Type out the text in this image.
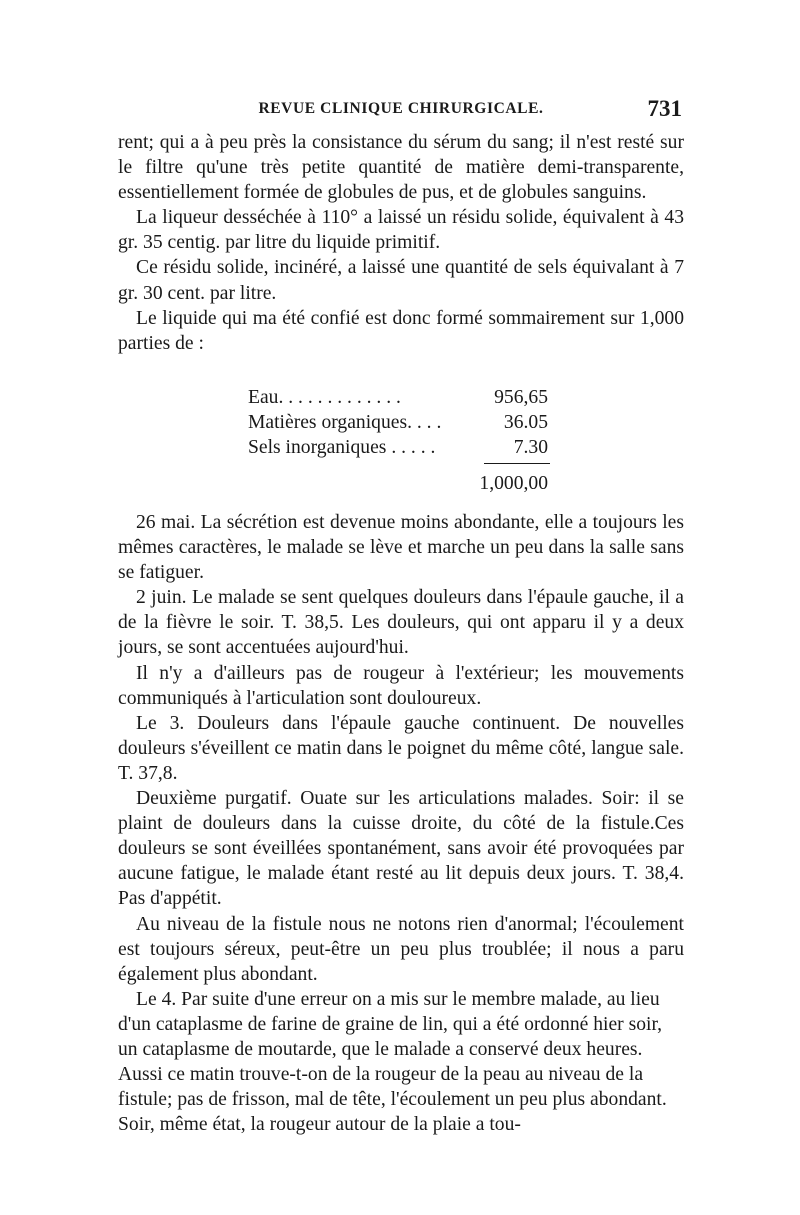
REVUE CLINIQUE CHIRURGICALE.	731

rent; qui a à peu près la consistance du sérum du sang; il n'est resté sur le filtre qu'une très petite quantité de matière demi-transparente, essentiellement formée de globules de pus, et de globules sanguins.

La liqueur desséchée à 110° a laissé un résidu solide, équivalent à 43 gr. 35 centig. par litre du liquide primitif.

Ce résidu solide, incinéré, a laissé une quantité de sels équivalant à 7 gr. 30 cent. par litre.

Le liquide qui ma été confié est donc formé sommairement sur 1,000 parties de :

Eau. . . . . . . . . . . . .	956,65
Matières organiques. . . .	36.05
Sels inorganiques . . . . .	7.30
1,000,00

26 mai. La sécrétion est devenue moins abondante, elle a toujours les mêmes caractères, le malade se lève et marche un peu dans la salle sans se fatiguer.

2 juin. Le malade se sent quelques douleurs dans l'épaule gauche, il a de la fièvre le soir. T. 38,5. Les douleurs, qui ont apparu il y a deux jours, se sont accentuées aujourd'hui.

Il n'y a d'ailleurs pas de rougeur à l'extérieur; les mouvements communiqués à l'articulation sont douloureux.

Le 3. Douleurs dans l'épaule gauche continuent. De nouvelles douleurs s'éveillent ce matin dans le poignet du même côté, langue sale. T. 37,8.

Deuxième purgatif. Ouate sur les articulations malades. Soir: il se plaint de douleurs dans la cuisse droite, du côté de la fistule.Ces douleurs se sont éveillées spontanément, sans avoir été provoquées par aucune fatigue, le malade étant resté au lit depuis deux jours. T. 38,4. Pas d'appétit.

Au niveau de la fistule nous ne notons rien d'anormal; l'écoulement est toujours séreux, peut-être un peu plus troublée; il nous a paru également plus abondant.

Le 4. Par suite d'une erreur on a mis sur le membre malade, au lieu d'un cataplasme de farine de graine de lin, qui a été ordonné hier soir, un cataplasme de moutarde, que le malade a conservé deux heures. Aussi ce matin trouve-t-on de la rougeur de la peau au niveau de la fistule; pas de frisson, mal de tête, l'écoulement un peu plus abondant. Soir, même état, la rougeur autour de la plaie a tou-
